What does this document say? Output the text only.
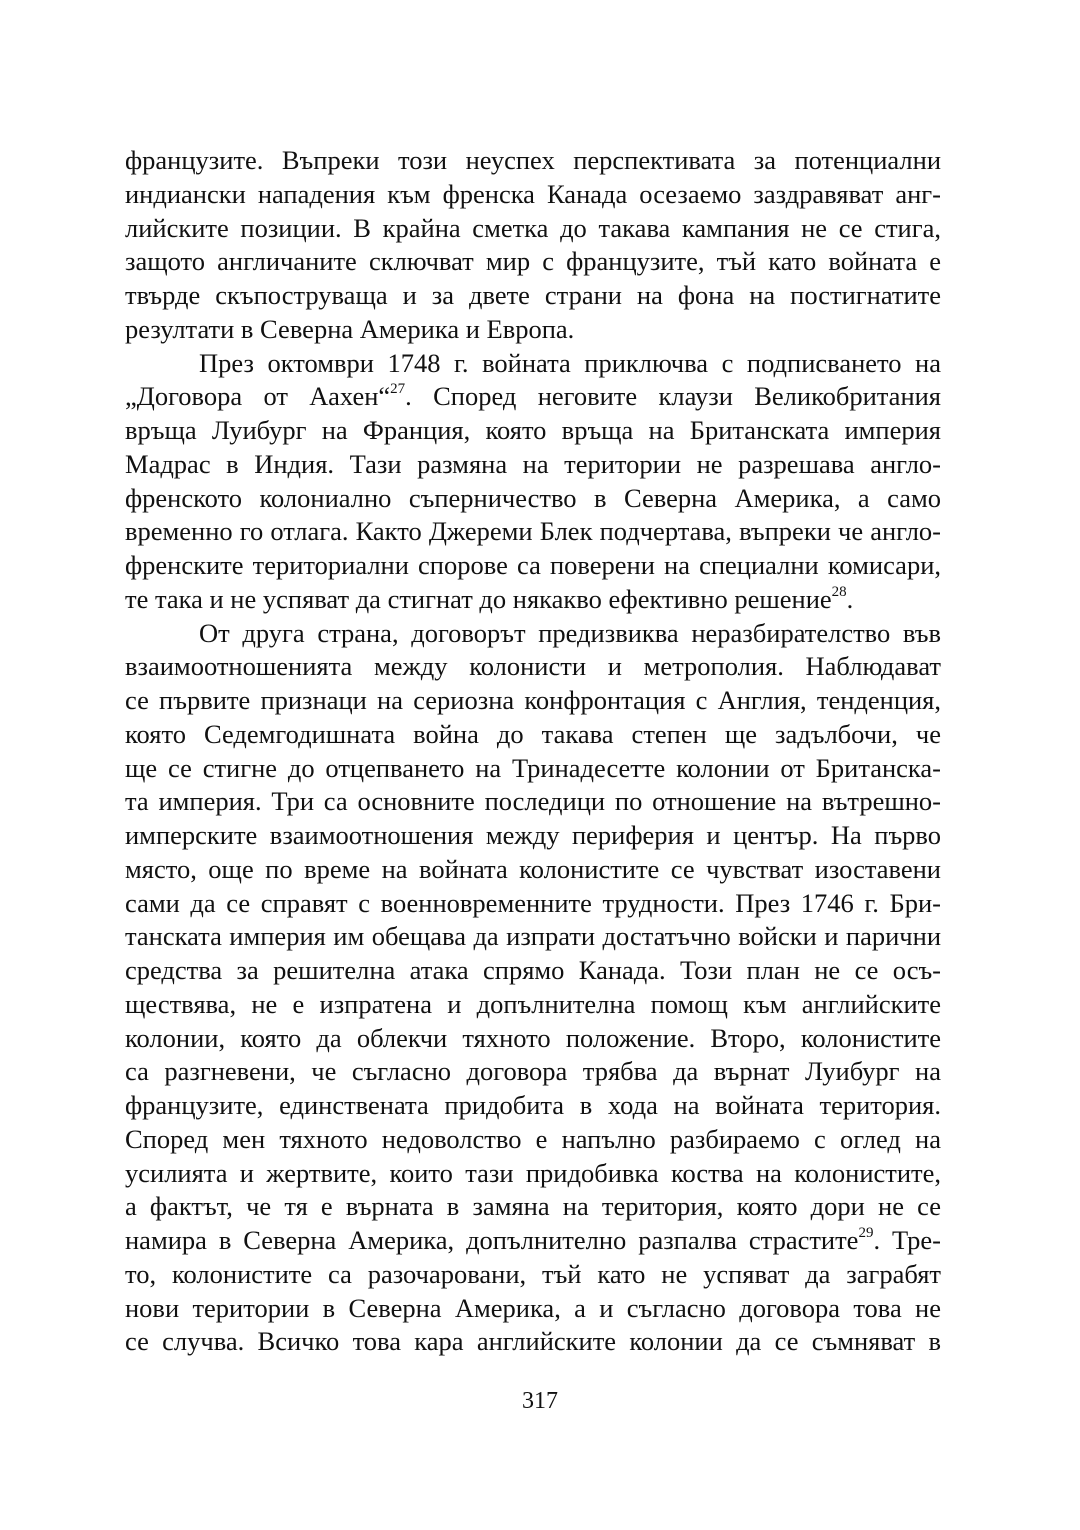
французите. Въпреки този неуспех перспективата за потенциални
индиански нападения към френска Канада осезаемо заздравяват анг-
лийските позиции. В крайна сметка до такава кампания не се стига,
защото англичаните сключват мир с французите, тъй като войната е
твърде скъпоструваща и за двете страни на фона на постигнатите
резултати в Северна Америка и Европа.
През октомври 1748 г. войната приключва с подписването на
„Договора от Аахен“$^{27}$. Според неговите клаузи Великобритания
връща Луибург на Франция, която връща на Британската империя
Мадрас в Индия. Тази размяна на територии не разрешава англо-
френското колониално съперничество в Северна Америка, а само
временно го отлага. Както Джереми Блек подчертава, въпреки че англо-
френските териториални спорове са поверени на специални комисари,
те така и не успяват да стигнат до някакво ефективно решение$^{28}$.
От друга страна, договорът предизвиква неразбирателство във
взаимоотношенията между колонисти и метрополия. Наблюдават
се първите признаци на сериозна конфронтация с Англия, тенденция,
която Седемгодишната война до такава степен ще задълбочи, че
ще се стигне до отцепването на Тринадесетте колонии от Британска-
та империя. Три са основните последици по отношение на вътрешно-
имперските взаимоотношения между периферия и център. На първо
място, още по време на войната колонистите се чувстват изоставени
сами да се справят с военновременните трудности. През 1746 г. Бри-
танската империя им обещава да изпрати достатъчно войски и парични
средства за решителна атака спрямо Канада. Този план не се осъ-
ществява, не е изпратена и допълнителна помощ към английските
колонии, която да облекчи тяхното положение. Второ, колонистите
са разгневени, че съгласно договора трябва да върнат Луибург на
французите, единствената придобита в хода на войната територия.
Според мен тяхното недоволство е напълно разбираемо с оглед на
усилията и жертвите, които тази придобивка коства на колонистите,
а фактът, че тя е върната в замяна на територия, която дори не се
намира в Северна Америка, допълнително разпалва страстите$^{29}$. Тре-
то, колонистите са разочаровани, тъй като не успяват да заграбят
нови територии в Северна Америка, а и съгласно договора това не
се случва. Всичко това кара английските колонии да се съмняват в
317
